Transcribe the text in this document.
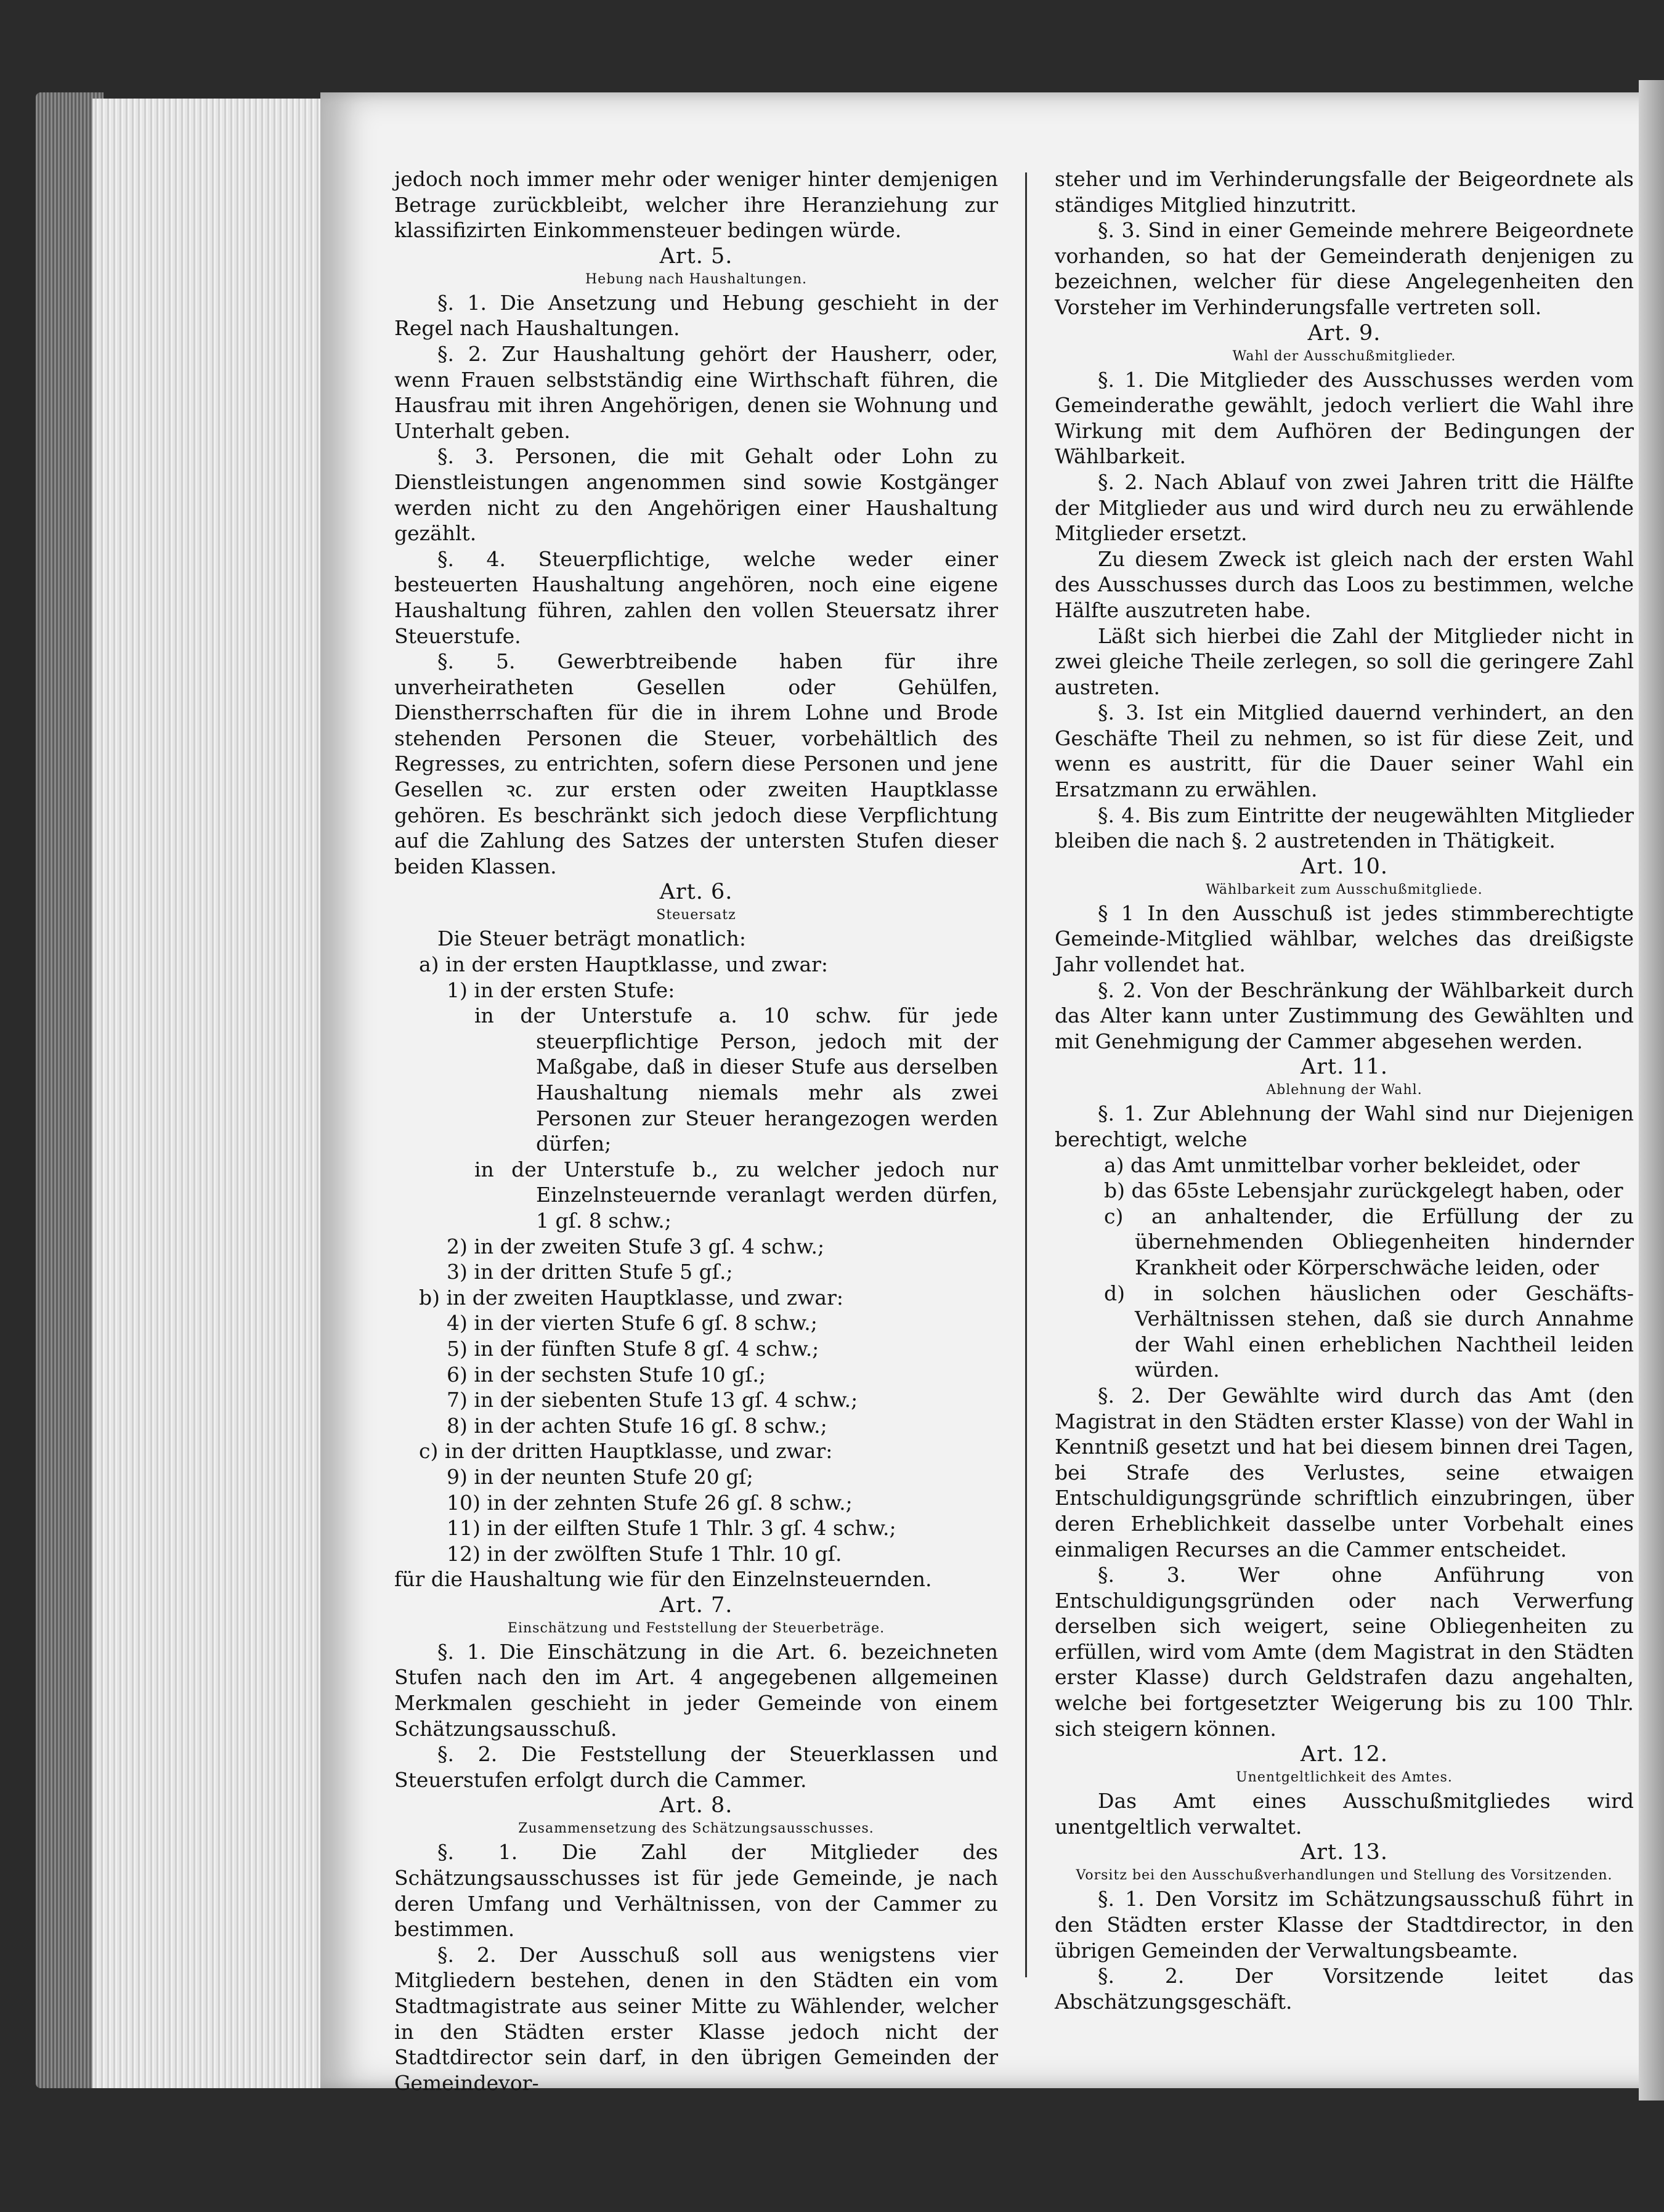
jedoch noch immer mehr oder weniger hinter demjenigen Betrage zurückbleibt, welcher ihre Heranziehung zur klassifizirten Einkommensteuer bedingen würde.

Art. 5.

Hebung nach Haushaltungen.

§. 1. Die Ansetzung und Hebung geschieht in der Regel nach Haushaltungen.

§. 2. Zur Haushaltung gehört der Hausherr, oder, wenn Frauen selbstständig eine Wirthschaft führen, die Hausfrau mit ihren Angehörigen, denen sie Wohnung und Unterhalt geben.

§. 3. Personen, die mit Gehalt oder Lohn zu Dienstleistungen angenommen sind sowie Kostgänger werden nicht zu den Angehörigen einer Haushaltung gezählt.

§. 4. Steuerpflichtige, welche weder einer besteuerten Haushaltung angehören, noch eine eigene Haushaltung führen, zahlen den vollen Steuersatz ihrer Steuerstufe.

§. 5. Gewerbtreibende haben für ihre unverheiratheten Gesellen oder Gehülfen, Dienstherrschaften für die in ihrem Lohne und Brode stehenden Personen die Steuer, vorbehältlich des Regresses, zu entrichten, sofern diese Personen und jene Gesellen ꝛc. zur ersten oder zweiten Hauptklasse gehören. Es beschränkt sich jedoch diese Verpflichtung auf die Zahlung des Satzes der untersten Stufen dieser beiden Klassen.

Art. 6.

Steuersatz

Die Steuer beträgt monatlich:

a) in der ersten Hauptklasse, und zwar:

1) in der ersten Stufe:

in der Unterstufe a. 10 schw. für jede steuerpflichtige Person, jedoch mit der Maßgabe, daß in dieser Stufe aus derselben Haushaltung niemals mehr als zwei Personen zur Steuer herangezogen werden dürfen;

in der Unterstufe b., zu welcher jedoch nur Einzelnsteuernde veranlagt werden dürfen, 1 gſ. 8 schw.;

2) in der zweiten Stufe 3 gſ. 4 schw.;

3) in der dritten Stufe 5 gſ.;

b) in der zweiten Hauptklasse, und zwar:

4) in der vierten Stufe 6 gſ. 8 schw.;

5) in der fünften Stufe 8 gſ. 4 schw.;

6) in der sechsten Stufe 10 gſ.;

7) in der siebenten Stufe 13 gſ. 4 schw.;

8) in der achten Stufe 16 gſ. 8 schw.;

c) in der dritten Hauptklasse, und zwar:

9) in der neunten Stufe 20 gſ;

10) in der zehnten Stufe 26 gſ. 8 schw.;

11) in der eilften Stufe 1 Thlr. 3 gſ. 4 schw.;

12) in der zwölften Stufe 1 Thlr. 10 gſ.

für die Haushaltung wie für den Einzelnsteuernden.

Art. 7.

Einschätzung und Feststellung der Steuerbeträge.

§. 1. Die Einschätzung in die Art. 6. bezeichneten Stufen nach den im Art. 4 angegebenen allgemeinen Merkmalen geschieht in jeder Gemeinde von einem Schätzungsausschuß.

§. 2. Die Feststellung der Steuerklassen und Steuerstufen erfolgt durch die Cammer.

Art. 8.

Zusammensetzung des Schätzungsausschusses.

§. 1. Die Zahl der Mitglieder des Schätzungsausschusses ist für jede Gemeinde, je nach deren Umfang und Verhältnissen, von der Cammer zu bestimmen.

§. 2. Der Ausschuß soll aus wenigstens vier Mitgliedern bestehen, denen in den Städten ein vom Stadtmagistrate aus seiner Mitte zu Wählender, welcher in den Städten erster Klasse jedoch nicht der Stadtdirector sein darf, in den übrigen Gemeinden der Gemeindevor-

steher und im Verhinderungsfalle der Beigeordnete als ständiges Mitglied hinzutritt.

§. 3. Sind in einer Gemeinde mehrere Beigeordnete vorhanden, so hat der Gemeinderath denjenigen zu bezeichnen, welcher für diese Angelegenheiten den Vorsteher im Verhinderungsfalle vertreten soll.

Art. 9.

Wahl der Ausschußmitglieder.

§. 1. Die Mitglieder des Ausschusses werden vom Gemeinderathe gewählt, jedoch verliert die Wahl ihre Wirkung mit dem Aufhören der Bedingungen der Wählbarkeit.

§. 2. Nach Ablauf von zwei Jahren tritt die Hälfte der Mitglieder aus und wird durch neu zu erwählende Mitglieder ersetzt.

Zu diesem Zweck ist gleich nach der ersten Wahl des Ausschusses durch das Loos zu bestimmen, welche Hälfte auszutreten habe.

Läßt sich hierbei die Zahl der Mitglieder nicht in zwei gleiche Theile zerlegen, so soll die geringere Zahl austreten.

§. 3. Ist ein Mitglied dauernd verhindert, an den Geschäfte Theil zu nehmen, so ist für diese Zeit, und wenn es austritt, für die Dauer seiner Wahl ein Ersatzmann zu erwählen.

§. 4. Bis zum Eintritte der neugewählten Mitglieder bleiben die nach §. 2 austretenden in Thätigkeit.

Art. 10.

Wählbarkeit zum Ausschußmitgliede.

§ 1 In den Ausschuß ist jedes stimmberechtigte Gemeinde-Mitglied wählbar, welches das dreißigste Jahr vollendet hat.

§. 2. Von der Beschränkung der Wählbarkeit durch das Alter kann unter Zustimmung des Gewählten und mit Genehmigung der Cammer abgesehen werden.

Art. 11.

Ablehnung der Wahl.

§. 1. Zur Ablehnung der Wahl sind nur Diejenigen berechtigt, welche

a) das Amt unmittelbar vorher bekleidet, oder

b) das 65ste Lebensjahr zurückgelegt haben, oder

c) an anhaltender, die Erfüllung der zu übernehmenden Obliegenheiten hindernder Krankheit oder Körperschwäche leiden, oder

d) in solchen häuslichen oder Geschäfts-Verhältnissen stehen, daß sie durch Annahme der Wahl einen erheblichen Nachtheil leiden würden.

§. 2. Der Gewählte wird durch das Amt (den Magistrat in den Städten erster Klasse) von der Wahl in Kenntniß gesetzt und hat bei diesem binnen drei Tagen, bei Strafe des Verlustes, seine etwaigen Entschuldigungsgründe schriftlich einzubringen, über deren Erheblichkeit dasselbe unter Vorbehalt eines einmaligen Recurses an die Cammer entscheidet.

§. 3. Wer ohne Anführung von Entschuldigungsgründen oder nach Verwerfung derselben sich weigert, seine Obliegenheiten zu erfüllen, wird vom Amte (dem Magistrat in den Städten erster Klasse) durch Geldstrafen dazu angehalten, welche bei fortgesetzter Weigerung bis zu 100 Thlr. sich steigern können.

Art. 12.

Unentgeltlichkeit des Amtes.

Das Amt eines Ausschußmitgliedes wird unentgeltlich verwaltet.

Art. 13.

Vorsitz bei den Ausschußverhandlungen und Stellung des Vorsitzenden.

§. 1. Den Vorsitz im Schätzungsausschuß führt in den Städten erster Klasse der Stadtdirector, in den übrigen Gemeinden der Verwaltungsbeamte.

§. 2. Der Vorsitzende leitet das Abschätzungsgeschäft.
